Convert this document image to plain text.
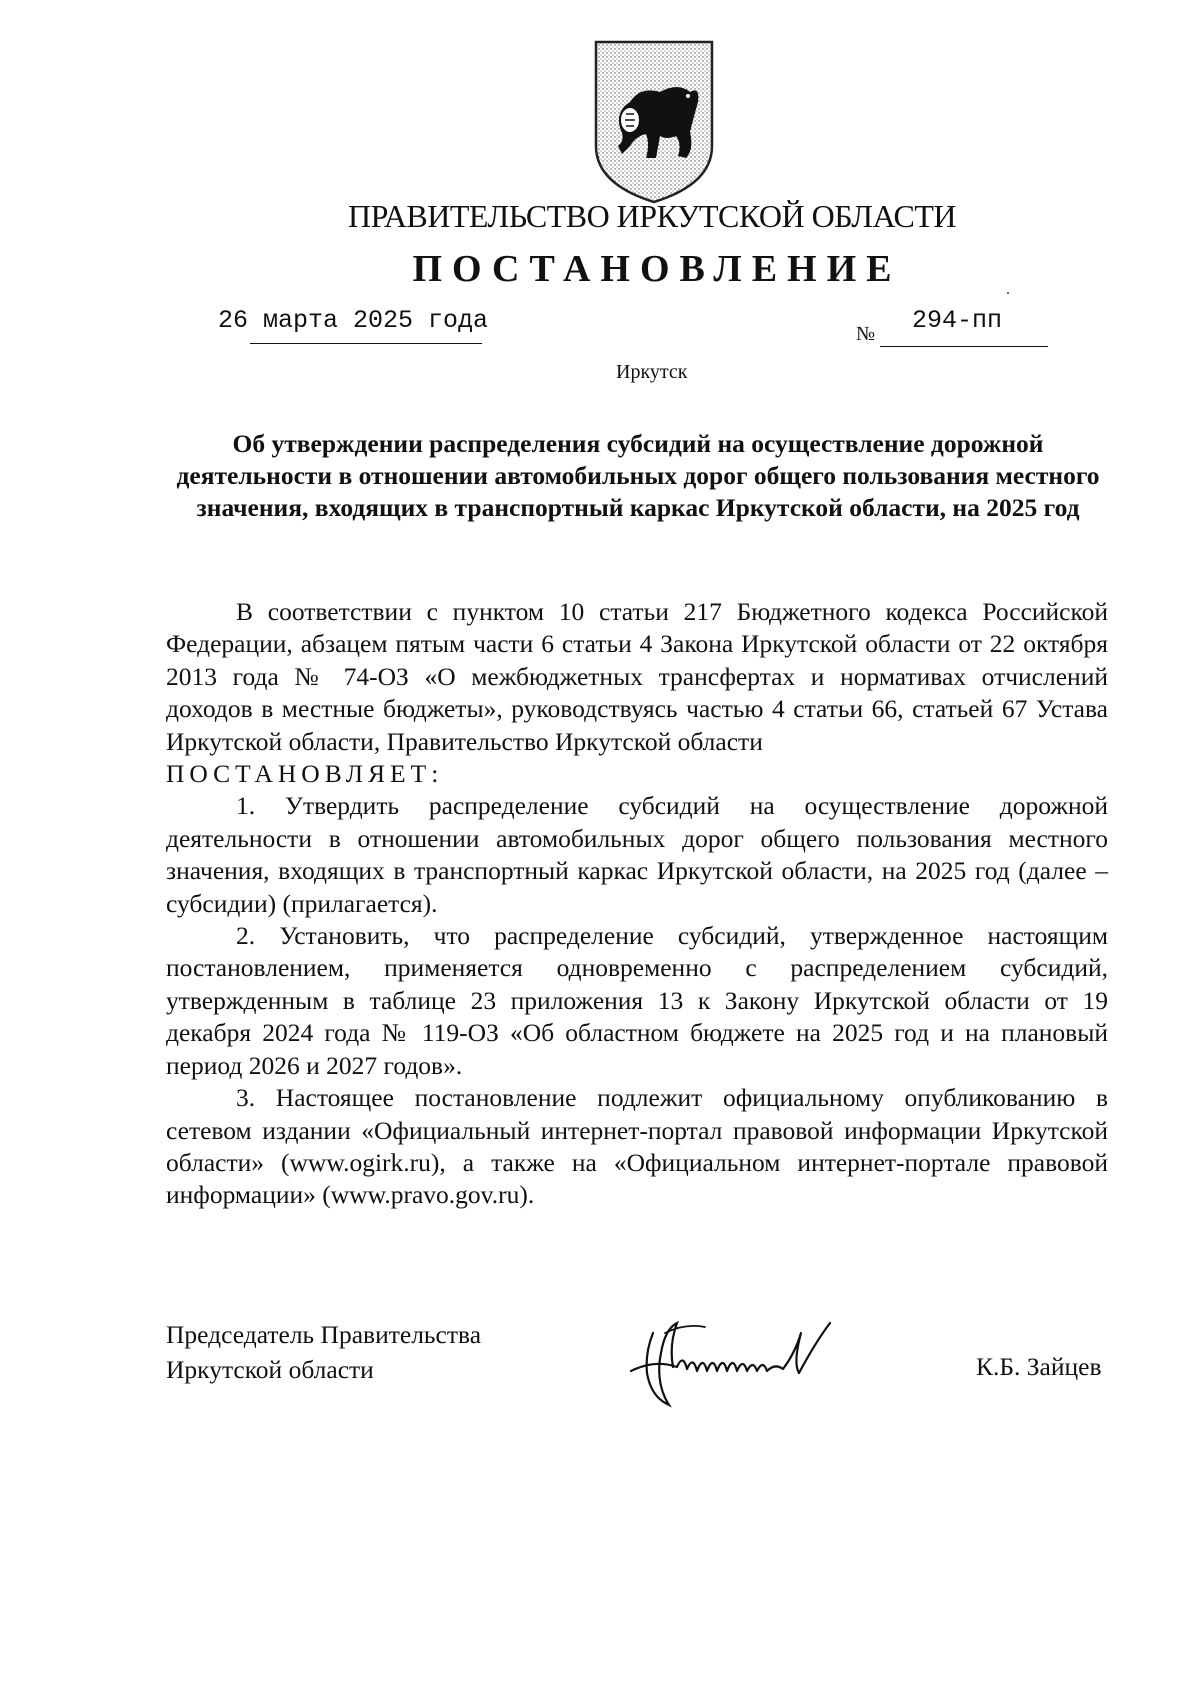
ПРАВИТЕЛЬСТВО ИРКУТСКОЙ ОБЛАСТИ
ПОСТАНОВЛЕНИЕ
26 марта 2025 года	№ 294-пп
Иркутск
Об утверждении распределения субсидий на осуществление дорожной деятельности в отношении автомобильных дорог общего пользования местного значения, входящих в транспортный каркас Иркутской области, на 2025 год

В соответствии с пунктом 10 статьи 217 Бюджетного кодекса Российской Федерации, абзацем пятым части 6 статьи 4 Закона Иркутской области от 22 октября 2013 года № 74-ОЗ «О межбюджетных трансфертах и нормативах отчислений доходов в местные бюджеты», руководствуясь частью 4 статьи 66, статьей 67 Устава Иркутской области, Правительство Иркутской области

ПОСТАНОВЛЯЕТ:

1. Утвердить распределение субсидий на осуществление дорожной деятельности в отношении автомобильных дорог общего пользования местного значения, входящих в транспортный каркас Иркутской области, на 2025 год (далее – субсидии) (прилагается).

2. Установить, что распределение субсидий, утвержденное настоящим постановлением, применяется одновременно с распределением субсидий, утвержденным в таблице 23 приложения 13 к Закону Иркутской области от 19 декабря 2024 года № 119-ОЗ «Об областном бюджете на 2025 год и на плановый период 2026 и 2027 годов».

3. Настоящее постановление подлежит официальному опубликованию в сетевом издании «Официальный интернет-портал правовой информации Иркутской области» (www.ogirk.ru), а также на «Официальном интернет-портале правовой информации» (www.pravo.gov.ru).

Председатель Правительства
Иркутской области	К.Б. Зайцев
